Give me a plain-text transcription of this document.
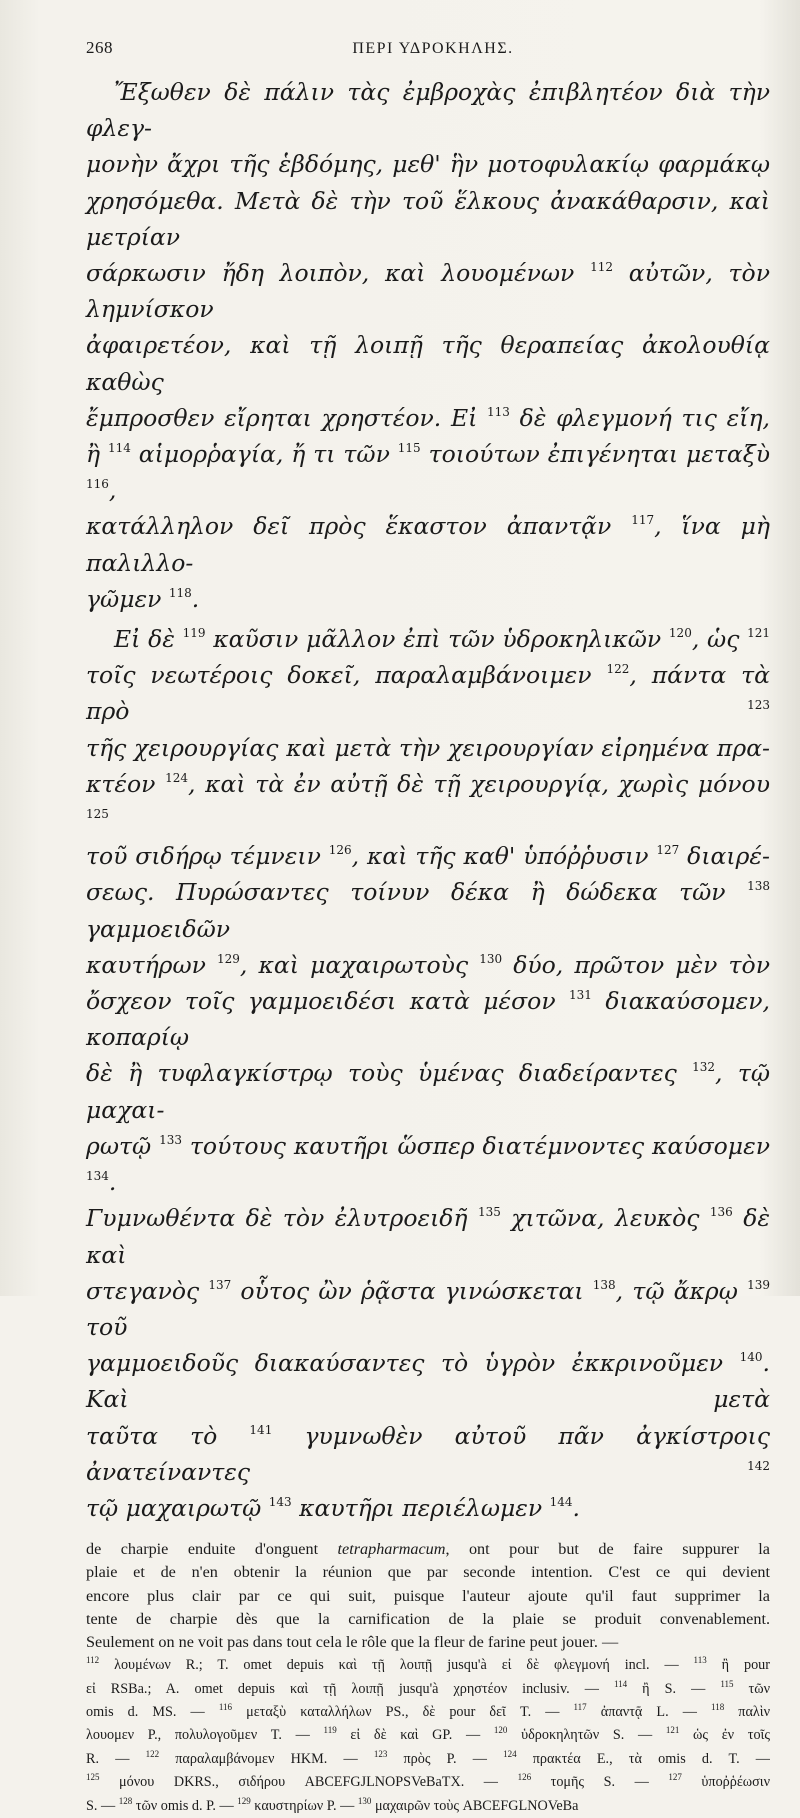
268	ΠΕΡΙ ΥΔΡΟΚΗΛΗΣ.
Ἔξωθεν δὲ πάλιν τὰς ἐμβροχὰς ἐπιβλητέον διὰ τὴν φλεγ-
μονὴν ἄχρι τῆς ἑβδόμης, μεθ' ἣν μοτοφυλακίῳ φαρμάκῳ
χρησόμεθα. Μετὰ δὲ τὴν τοῦ ἕλκους ἀνακάθαρσιν, καὶ μετρίαν
σάρκωσιν ἤδη λοιπὸν, καὶ λουομένων $^{112}$ αὐτῶν, τὸν λημνίσκον
ἀφαιρετέον, καὶ τῇ λοιπῇ τῆς θεραπείας ἀκολουθίᾳ καθὼς
ἔμπροσθεν εἴρηται χρηστέον. Εἰ $^{113}$ δὲ φλεγμονή τις εἴη,
ἢ $^{114}$ αἱμορῥαγία, ἤ τι τῶν $^{115}$ τοιούτων ἐπιγένηται μεταξὺ $^{116}$,
κατάλληλον δεῖ πρὸς ἕκαστον ἀπαντᾷν $^{117}$, ἵνα μὴ παλιλλο-
γῶμεν $^{118}$.
Εἰ δὲ $^{119}$ καῦσιν μᾶλλον ἐπὶ τῶν ὑδροκηλικῶν $^{120}$, ὡς $^{121}$
τοῖς νεωτέροις δοκεῖ, παραλαμβάνοιμεν $^{122}$, πάντα τὰ πρὸ $^{123}$
τῆς χειρουργίας καὶ μετὰ τὴν χειρουργίαν εἰρημένα πρα-
κτέον $^{124}$, καὶ τὰ ἐν αὐτῇ δὲ τῇ χειρουργίᾳ, χωρὶς μόνου $^{125}$
τοῦ σιδήρῳ τέμνειν $^{126}$, καὶ τῆς καθ' ὑπόῤῥυσιν $^{127}$ διαιρέ-
σεως. Πυρώσαντες τοίνυν δέκα ἢ δώδεκα τῶν $^{138}$ γαμμοειδῶν
καυτήρων $^{129}$, καὶ μαχαιρωτοὺς $^{130}$ δύο, πρῶτον μὲν τὸν
ὄσχεον τοῖς γαμμοειδέσι κατὰ μέσον $^{131}$ διακαύσομεν, κοπαρίῳ
δὲ ἢ τυφλαγκίστρῳ τοὺς ὑμένας διαδείραντες $^{132}$, τῷ μαχαι-
ρωτῷ $^{133}$ τούτους καυτῆρι ὥσπερ διατέμνοντες καύσομεν $^{134}$.
Γυμνωθέντα δὲ τὸν ἐλυτροειδῆ $^{135}$ χιτῶνα, λευκὸς $^{136}$ δὲ καὶ
στεγανὸς $^{137}$ οὗτος ὢν ῥᾷστα γινώσκεται $^{138}$, τῷ ἄκρῳ $^{139}$ τοῦ
γαμμοειδοῦς διακαύσαντες τὸ ὑγρὸν ἐκκρινοῦμεν $^{140}$. Καὶ μετὰ
ταῦτα τὸ $^{141}$ γυμνωθὲν αὐτοῦ πᾶν ἀγκίστροις ἀνατείναντες $^{142}$
τῷ μαχαιρωτῷ $^{143}$ καυτῆρι περιέλωμεν $^{144}$.
de charpie enduite d'onguent tetrapharmacum, ont pour but de faire suppurer la
plaie et de n'en obtenir la réunion que par seconde intention. C'est ce qui devient
encore plus clair par ce qui suit, puisque l'auteur ajoute qu'il faut supprimer la
tente de charpie dès que la carnification de la plaie se produit convenablement.
Seulement on ne voit pas dans tout cela le rôle que la fleur de farine peut jouer. —
$^{112}$ λουμένων R.; T. omet depuis καὶ τῇ λοιπῇ jusqu'à εἰ δὲ φλεγμονή incl. — $^{113}$ ἢ pour
εἰ RSBa.; A. omet depuis καὶ τῇ λοιπῇ jusqu'à χρηστέον inclusiv. — $^{114}$ ἢ S. — $^{115}$ τῶν
omis d. MS. — $^{116}$ μεταξὺ καταλλήλων PS., δὲ pour δεῖ T. — $^{117}$ ἀπαντᾷ L. — $^{118}$ παλὶν
λουομεν P., πολυλογοῦμεν T. — $^{119}$ εἰ δὲ καὶ GP. — $^{120}$ ὑδροκηλητῶν S. — $^{121}$ ὡς ἐν τοῖς
R. — $^{122}$ παραλαμβάνομεν HKM. — $^{123}$ πρὸς P. — $^{124}$ πρακτέα E., τὰ omis d. T. —
$^{125}$ μόνου DKRS., σιδήρου ABCEFGJLNOPSVeBaTX. — $^{126}$ τομῆς S. — $^{127}$ ὑποῤῥέωσιν
S. — $^{128}$ τῶν omis d. P. — $^{129}$ καυστηρίων P. — $^{130}$ μαχαιρῶν τοὺς ABCEFGLNOVeBa
